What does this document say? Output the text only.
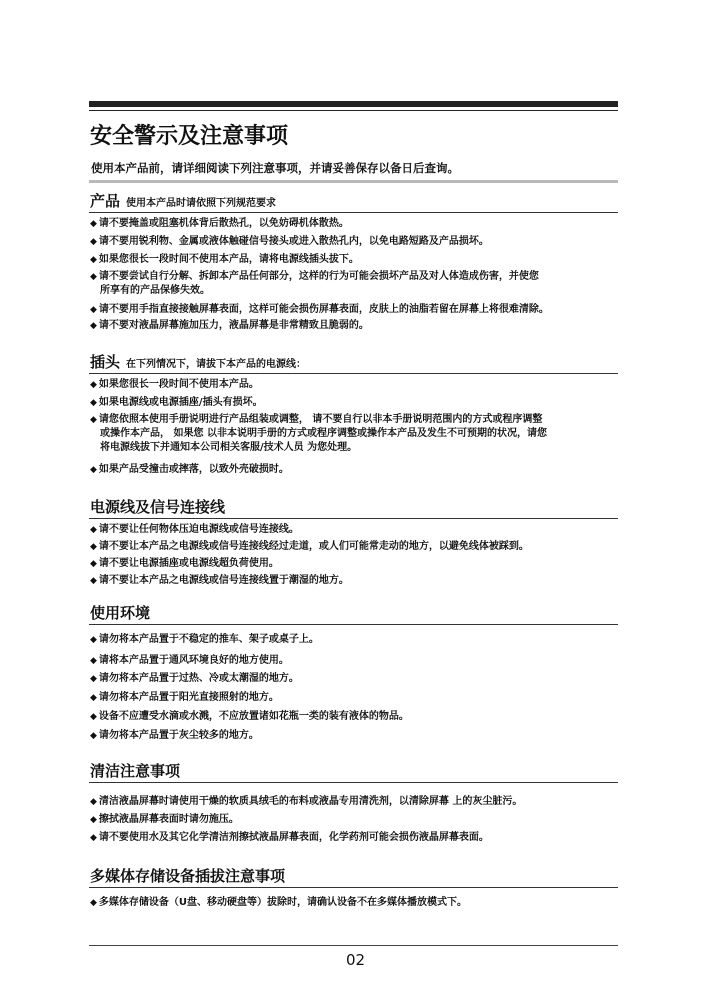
安全警示及注意事项
使用本产品前，请详细阅读下列注意事项，并请妥善保存以备日后查询。
产品 使用本产品时请依照下列规范要求
◆ 请不要掩盖或阻塞机体背后散热孔，以免妨碍机体散热。
◆ 请不要用锐利物、金属或液体触碰信号接头或进入散热孔内，以免电路短路及产品损坏。
◆ 如果您很长一段时间不使用本产品，请将电源线插头拔下。
◆ 请不要尝试自行分解、拆卸本产品任何部分，这样的行为可能会损坏产品及对人体造成伤害，并使您
所享有的产品保修失效。
◆ 请不要用手指直接接触屏幕表面，这样可能会损伤屏幕表面，皮肤上的油脂若留在屏幕上将很难清除。
◆ 请不要对液晶屏幕施加压力，液晶屏幕是非常精致且脆弱的。
插头 在下列情况下，请拔下本产品的电源线：
◆ 如果您很长一段时间不使用本产品。
◆ 如果电源线或电源插座/插头有损坏。
◆ 请您依照本使用手册说明进行产品组装或调整， 请不要自行以非本手册说明范围内的方式或程序调整
或操作本产品， 如果您 以非本说明手册的方式或程序调整或操作本产品及发生不可预期的状况，请您
将电源线拔下并通知本公司相关客服/技术人员 为您处理。
◆ 如果产品受撞击或摔落，以致外壳破损时。
电源线及信号连接线
◆ 请不要让任何物体压迫电源线或信号连接线。
◆ 请不要让本产品之电源线或信号连接线经过走道，或人们可能常走动的地方，以避免线体被踩到。
◆ 请不要让电源插座或电源线超负荷使用。
◆ 请不要让本产品之电源线或信号连接线置于潮湿的地方。
使用环境
◆ 请勿将本产品置于不稳定的推车、架子或桌子上。
◆ 请将本产品置于通风环境良好的地方使用。
◆ 请勿将本产品置于过热、冷或太潮湿的地方。
◆ 请勿将本产品置于阳光直接照射的地方。
◆ 设备不应遭受水滴或水溅，不应放置诸如花瓶一类的装有液体的物品。
◆ 请勿将本产品置于灰尘较多的地方。
清洁注意事项
◆ 清洁液晶屏幕时请使用干燥的软质具绒毛的布料或液晶专用清洗剂，以清除屏幕 上的灰尘脏污。
◆ 擦拭液晶屏幕表面时请勿施压。
◆ 请不要使用水及其它化学清洁剂擦拭液晶屏幕表面，化学药剂可能会损伤液晶屏幕表面。
多媒体存储设备插拔注意事项
◆ 多媒体存储设备（U盘、移动硬盘等）拔除时，请确认设备不在多媒体播放模式下。
02
